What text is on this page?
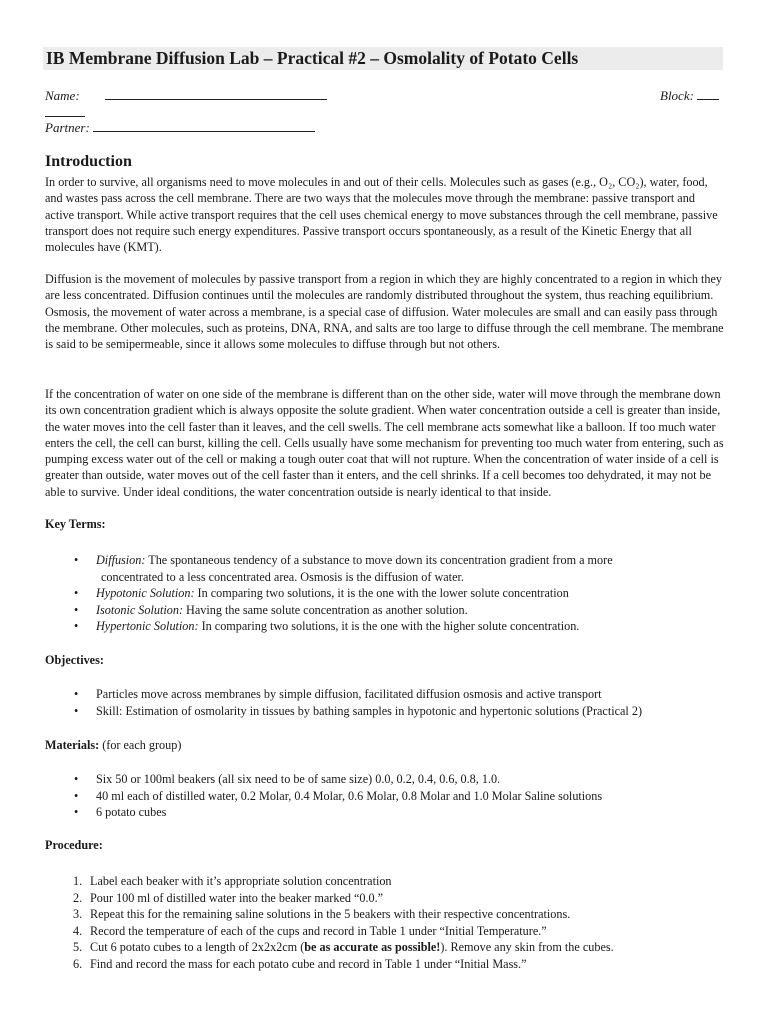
IB Membrane Diffusion Lab – Practical #2 – Osmolality of Potato Cells
Name:	Block:
Partner:
Introduction

In order to survive, all organisms need to move molecules in and out of their cells. Molecules such as gases (e.g., O₂, CO₂), water, food, and wastes pass across the cell membrane. There are two ways that the molecules move through the membrane: passive transport and active transport. While active transport requires that the cell uses chemical energy to move substances through the cell membrane, passive transport does not require such energy expenditures. Passive transport occurs spontaneously, as a result of the Kinetic Energy that all molecules have (KMT).

Diffusion is the movement of molecules by passive transport from a region in which they are highly concentrated to a region in which they are less concentrated. Diffusion continues until the molecules are randomly distributed throughout the system, thus reaching equilibrium. Osmosis, the movement of water across a membrane, is a special case of diffusion. Water molecules are small and can easily pass through the membrane. Other molecules, such as proteins, DNA, RNA, and salts are too large to diffuse through the cell membrane. The membrane is said to be semipermeable, since it allows some molecules to diffuse through but not others.

If the concentration of water on one side of the membrane is different than on the other side, water will move through the membrane down its own concentration gradient which is always opposite the solute gradient. When water concentration outside a cell is greater than inside, the water moves into the cell faster than it leaves, and the cell swells. The cell membrane acts somewhat like a balloon. If too much water enters the cell, the cell can burst, killing the cell. Cells usually have some mechanism for preventing too much water from entering, such as pumping excess water out of the cell or making a tough outer coat that will not rupture. When the concentration of water inside of a cell is greater than outside, water moves out of the cell faster than it enters, and the cell shrinks. If a cell becomes too dehydrated, it may not be able to survive. Under ideal conditions, the water concentration outside is nearly identical to that inside.

Key Terms:
• Diffusion: The spontaneous tendency of a substance to move down its concentration gradient from a more
concentrated to a less concentrated area. Osmosis is the diffusion of water.
• Hypotonic Solution: In comparing two solutions, it is the one with the lower solute concentration
• Isotonic Solution: Having the same solute concentration as another solution.
• Hypertonic Solution: In comparing two solutions, it is the one with the higher solute concentration.
Objectives:
• Particles move across membranes by simple diffusion, facilitated diffusion osmosis and active transport
• Skill: Estimation of osmolarity in tissues by bathing samples in hypotonic and hypertonic solutions (Practical 2)
Materials: (for each group)
• Six 50 or 100ml beakers (all six need to be of same size) 0.0, 0.2, 0.4, 0.6, 0.8, 1.0.
• 40 ml each of distilled water, 0.2 Molar, 0.4 Molar, 0.6 Molar, 0.8 Molar and 1.0 Molar Saline solutions
• 6 potato cubes
Procedure:
1. Label each beaker with it’s appropriate solution concentration
2. Pour 100 ml of distilled water into the beaker marked “0.0.”
3. Repeat this for the remaining saline solutions in the 5 beakers with their respective concentrations.
4. Record the temperature of each of the cups and record in Table 1 under “Initial Temperature.”
5. Cut 6 potato cubes to a length of 2x2x2cm (be as accurate as possible!). Remove any skin from the cubes.
6. Find and record the mass for each potato cube and record in Table 1 under “Initial Mass.”
